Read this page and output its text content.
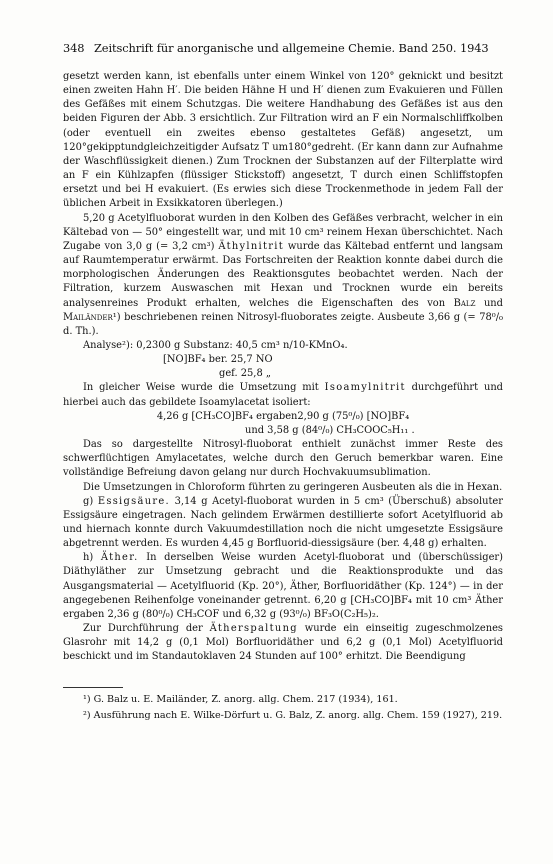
348 Zeitschrift für anorganische und allgemeine Chemie. Band 250. 1943

gesetzt werden kann, ist ebenfalls unter einem Winkel von 120° geknickt und besitzt einen zweiten Hahn H′. Die beiden Hähne H und H′ dienen zum Evakuieren und Füllen des Gefäßes mit einem Schutzgas. Die weitere Handhabung des Gefäßes ist aus den beiden Figuren der Abb. 3 ersichtlich. Zur Filtration wird an F ein Normalschliffkolben (oder eventuell ein zweites ebenso gestaltetes Gefäß) angesetzt, um 120°gekipptundgleichzeitigder Aufsatz T um180°gedreht. (Er kann dann zur Aufnahme der Waschflüssigkeit dienen.) Zum Trocknen der Substanzen auf der Filterplatte wird an F ein Kühlzapfen (flüssiger Stickstoff) angesetzt, T durch einen Schliffstopfen ersetzt und bei H evakuiert. (Es erwies sich diese Trockenmethode in jedem Fall der üblichen Arbeit in Exsikkatoren überlegen.)

5,20 g Acetylfluoborat wurden in den Kolben des Gefäßes verbracht, welcher in ein Kältebad von — 50° eingestellt war, und mit 10 cm³ reinem Hexan überschichtet. Nach Zugabe von 3,0 g (= 3,2 cm³) Äthylnitrit wurde das Kältebad entfernt und langsam auf Raumtemperatur erwärmt. Das Fortschreiten der Reaktion konnte dabei durch die morphologischen Änderungen des Reaktionsgutes beobachtet werden. Nach der Filtration, kurzem Auswaschen mit Hexan und Trocknen wurde ein bereits analysenreines Produkt erhalten, welches die Eigenschaften des von Balz und Mailänder¹) beschriebenen reinen Nitrosyl-fluoborates zeigte. Ausbeute 3,66 g (= 78⁰/₀ d. Th.).

Analyse²): 0,2300 g Substanz: 40,5 cm³ n/10-KMnO₄.

[NO]BF₄ ber. 25,7 NO

gef. 25,8 „

In gleicher Weise wurde die Umsetzung mit Isoamylnitrit durchgeführt und hierbei auch das gebildete Isoamylacetat isoliert:

4,26 g [CH₃CO]BF₄ ergaben2,90 g (75⁰/₀) [NO]BF₄

und 3,58 g (84⁰/₀) CH₃COOC₅H₁₁ .

Das so dargestellte Nitrosyl-fluoborat enthielt zunächst immer Reste des schwerflüchtigen Amylacetates, welche durch den Geruch bemerkbar waren. Eine vollständige Befreiung davon gelang nur durch Hochvakuumsublimation.

Die Umsetzungen in Chloroform führten zu geringeren Ausbeuten als die in Hexan.

g) Essigsäure. 3,14 g Acetyl-fluoborat wurden in 5 cm³ (Überschuß) absoluter Essigsäure eingetragen. Nach gelindem Erwärmen destillierte sofort Acetylfluorid ab und hiernach konnte durch Vakuumdestillation noch die nicht umgesetzte Essigsäure abgetrennt werden. Es wurden 4,45 g Borfluorid-diessigsäure (ber. 4,48 g) erhalten.

h) Äther. In derselben Weise wurden Acetyl-fluoborat und (überschüssiger) Diäthyläther zur Umsetzung gebracht und die Reaktionsprodukte und das Ausgangsmaterial — Acetylfluorid (Kp. 20°), Äther, Borfluoridäther (Kp. 124°) — in der angegebenen Reihenfolge voneinander getrennt. 6,20 g [CH₃CO]BF₄ mit 10 cm³ Äther ergaben 2,36 g (80⁰/₀) CH₃COF und 6,32 g (93⁰/₀) BF₃O(C₂H₅)₂.

Zur Durchführung der Ätherspaltung wurde ein einseitig zugeschmolzenes Glasrohr mit 14,2 g (0,1 Mol) Borfluoridäther und 6,2 g (0,1 Mol) Acetylfluorid beschickt und im Standautoklaven 24 Stunden auf 100° erhitzt. Die Beendigung

¹) G. Balz u. E. Mailänder, Z. anorg. allg. Chem. 217 (1934), 161.

²) Ausführung nach E. Wilke-Dörfurt u. G. Balz, Z. anorg. allg. Chem. 159 (1927), 219.
